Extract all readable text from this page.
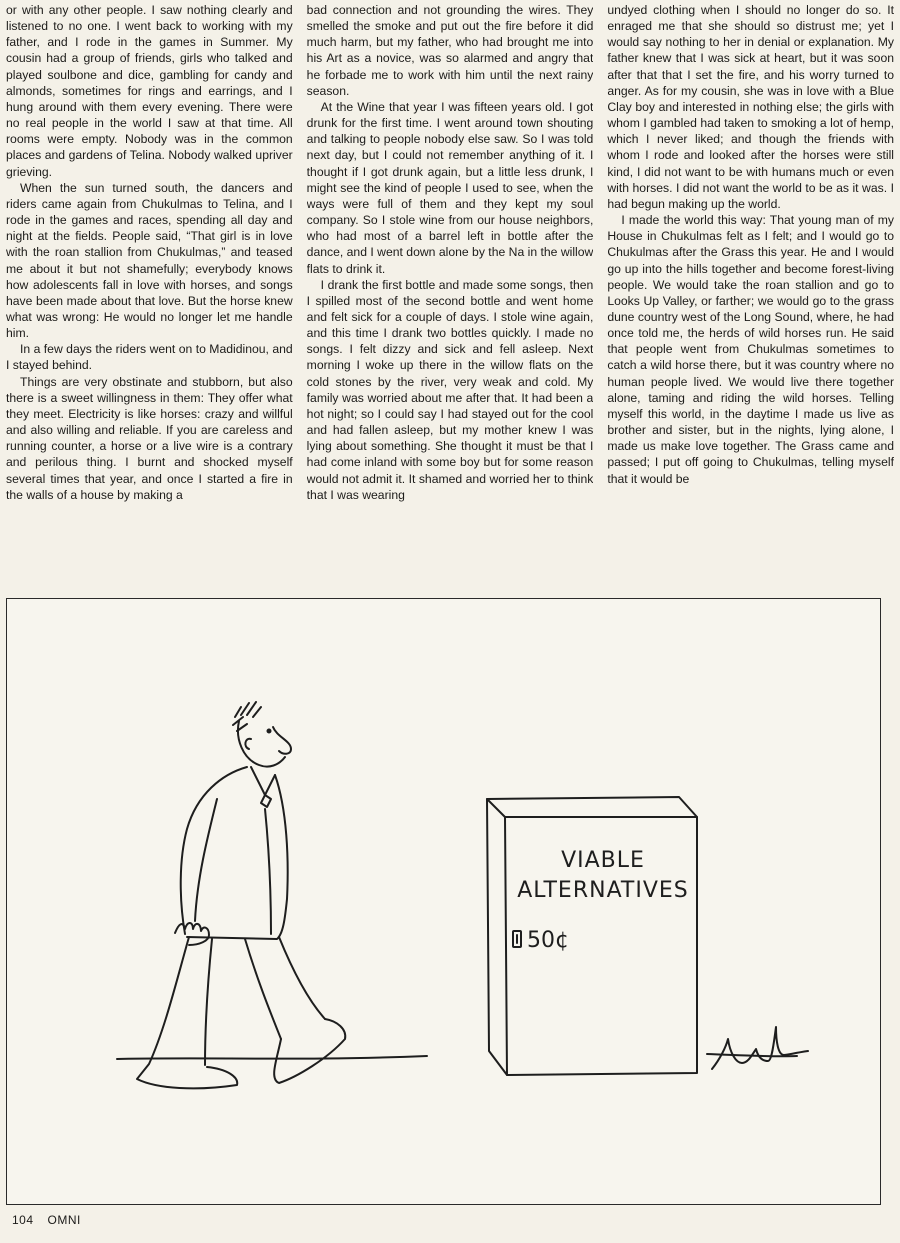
or with any other people. I saw nothing clearly and listened to no one. I went back to working with my father, and I rode in the games in Summer. My cousin had a group of friends, girls who talked and played soulbone and dice, gambling for candy and almonds, sometimes for rings and earrings, and I hung around with them every evening. There were no real people in the world I saw at that time. All rooms were empty. Nobody was in the common places and gardens of Telina. Nobody walked upriver grieving.

When the sun turned south, the dancers and riders came again from Chukulmas to Telina, and I rode in the games and races, spending all day and night at the fields. People said, “That girl is in love with the roan stallion from Chukulmas,” and teased me about it but not shamefully; everybody knows how adolescents fall in love with horses, and songs have been made about that love. But the horse knew what was wrong: He would no longer let me handle him.

In a few days the riders went on to Madidinou, and I stayed behind.

Things are very obstinate and stubborn, but also there is a sweet willingness in them: They offer what they meet. Electricity is like horses: crazy and willful and also willing and reliable. If you are careless and running counter, a horse or a live wire is a contrary and perilous thing. I burnt and shocked myself several times that year, and once I started a fire in the walls of a house by making a

bad connection and not grounding the wires. They smelled the smoke and put out the fire before it did much harm, but my father, who had brought me into his Art as a novice, was so alarmed and angry that he forbade me to work with him until the next rainy season.

At the Wine that year I was fifteen years old. I got drunk for the first time. I went around town shouting and talking to people nobody else saw. So I was told next day, but I could not remember anything of it. I thought if I got drunk again, but a little less drunk, I might see the kind of people I used to see, when the ways were full of them and they kept my soul company. So I stole wine from our house neighbors, who had most of a barrel left in bottle after the dance, and I went down alone by the Na in the willow flats to drink it.

I drank the first bottle and made some songs, then I spilled most of the second bottle and went home and felt sick for a couple of days. I stole wine again, and this time I drank two bottles quickly. I made no songs. I felt dizzy and sick and fell asleep. Next morning I woke up there in the willow flats on the cold stones by the river, very weak and cold. My family was worried about me after that. It had been a hot night; so I could say I had stayed out for the cool and had fallen asleep, but my mother knew I was lying about something. She thought it must be that I had come inland with some boy but for some reason would not admit it. It shamed and worried her to think that I was wearing

undyed clothing when I should no longer do so. It enraged me that she should so distrust me; yet I would say nothing to her in denial or explanation. My father knew that I was sick at heart, but it was soon after that that I set the fire, and his worry turned to anger. As for my cousin, she was in love with a Blue Clay boy and interested in nothing else; the girls with whom I gambled had taken to smoking a lot of hemp, which I never liked; and though the friends with whom I rode and looked after the horses were still kind, I did not want to be with humans much or even with horses. I did not want the world to be as it was. I had begun making up the world.

I made the world this way: That young man of my House in Chukulmas felt as I felt; and I would go to Chukulmas after the Grass this year. He and I would go up into the hills together and become forest-living people. We would take the roan stallion and go to Looks Up Valley, or farther; we would go to the grass dune country west of the Long Sound, where, he had once told me, the herds of wild horses run. He said that people went from Chukulmas sometimes to catch a wild horse there, but it was country where no human people lived. We would live there together alone, taming and riding the wild horses. Telling myself this world, in the daytime I made us live as brother and sister, but in the nights, lying alone, I made us make love together. The Grass came and passed; I put off going to Chukulmas, telling myself that it would be

VIABLE
ALTERNATIVES
50¢
104 OMNI
